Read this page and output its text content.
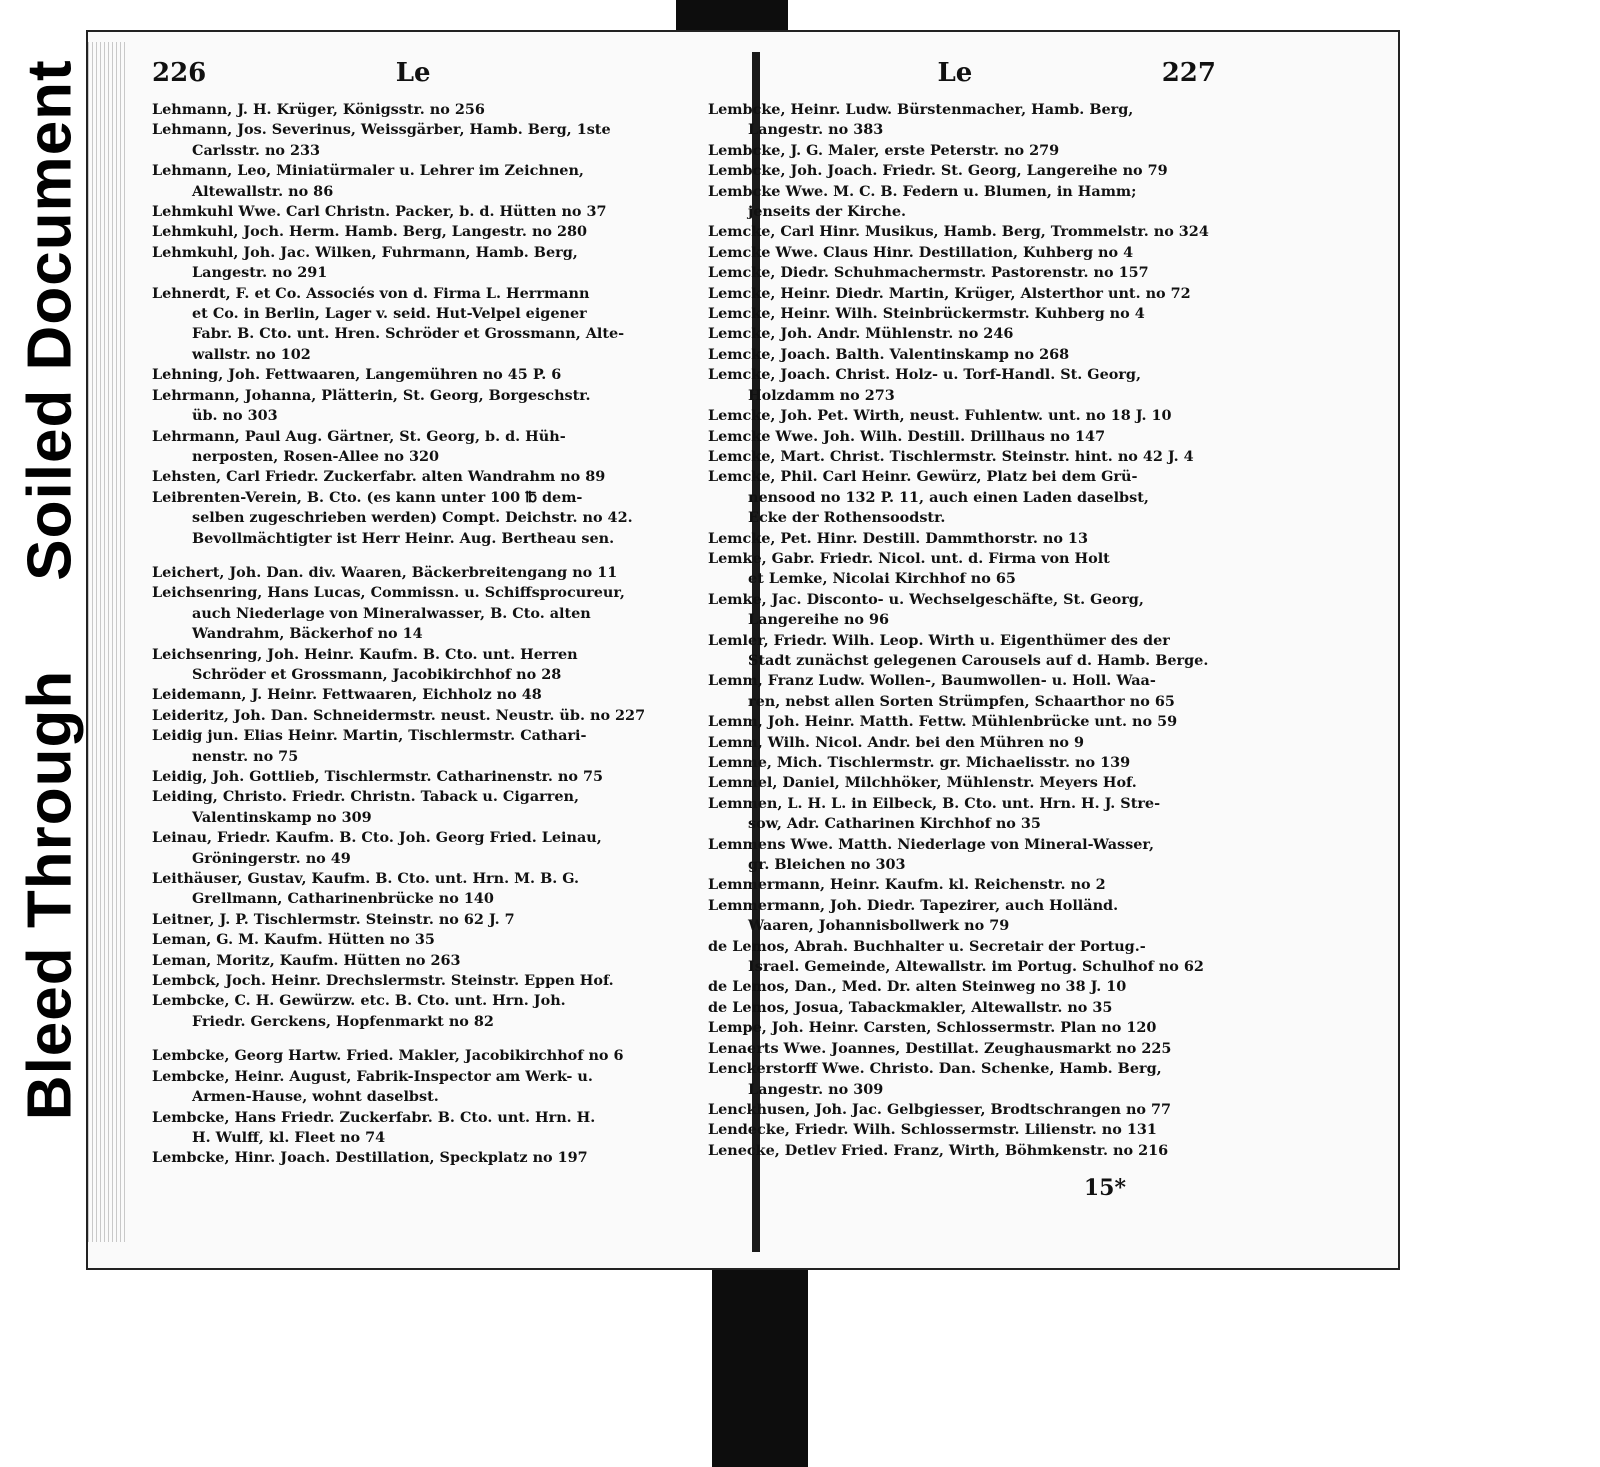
Soiled Document
Bleed Through
226	Le
Lehmann, J. H. Krüger, Königsstr. no 256
Lehmann, Jos. Severinus, Weissgärber, Hamb. Berg, 1ste
Carlsstr. no 233
Lehmann, Leo, Miniatürmaler u. Lehrer im Zeichnen,
Altewallstr. no 86
Lehmkuhl Wwe. Carl Christn. Packer, b. d. Hütten no 37
Lehmkuhl, Joch. Herm. Hamb. Berg, Langestr. no 280
Lehmkuhl, Joh. Jac. Wilken, Fuhrmann, Hamb. Berg,
Langestr. no 291
Lehnerdt, F. et Co. Associés von d. Firma L. Herrmann
et Co. in Berlin, Lager v. seid. Hut-Velpel eigener
Fabr. B. Cto. unt. Hren. Schröder et Grossmann, Alte-
wallstr. no 102
Lehning, Joh. Fettwaaren, Langemühren no 45 P. 6
Lehrmann, Johanna, Plätterin, St. Georg, Borgeschstr.
üb. no 303
Lehrmann, Paul Aug. Gärtner, St. Georg, b. d. Hüh-
nerposten, Rosen-Allee no 320
Lehsten, Carl Friedr. Zuckerfabr. alten Wandrahm no 89
Leibrenten-Verein, B. Cto. (es kann unter 100 ℔ dem-
selben zugeschrieben werden) Compt. Deichstr. no 42.
Bevollmächtigter ist Herr Heinr. Aug. Bertheau sen.
Leichert, Joh. Dan. div. Waaren, Bäckerbreitengang no 11
Leichsenring, Hans Lucas, Commissn. u. Schiffsprocureur,
auch Niederlage von Mineralwasser, B. Cto. alten
Wandrahm, Bäckerhof no 14
Leichsenring, Joh. Heinr. Kaufm. B. Cto. unt. Herren
Schröder et Grossmann, Jacobikirchhof no 28
Leidemann, J. Heinr. Fettwaaren, Eichholz no 48
Leideritz, Joh. Dan. Schneidermstr. neust. Neustr. üb. no 227
Leidig jun. Elias Heinr. Martin, Tischlermstr. Cathari-
nenstr. no 75
Leidig, Joh. Gottlieb, Tischlermstr. Catharinenstr. no 75
Leiding, Christo. Friedr. Christn. Taback u. Cigarren,
Valentinskamp no 309
Leinau, Friedr. Kaufm. B. Cto. Joh. Georg Fried. Leinau,
Gröningerstr. no 49
Leithäuser, Gustav, Kaufm. B. Cto. unt. Hrn. M. B. G.
Grellmann, Catharinenbrücke no 140
Leitner, J. P. Tischlermstr. Steinstr. no 62 J. 7
Leman, G. M. Kaufm. Hütten no 35
Leman, Moritz, Kaufm. Hütten no 263
Lembck, Joch. Heinr. Drechslermstr. Steinstr. Eppen Hof.
Lembcke, C. H. Gewürzw. etc. B. Cto. unt. Hrn. Joh.
Friedr. Gerckens, Hopfenmarkt no 82
Lembcke, Georg Hartw. Fried. Makler, Jacobikirchhof no 6
Lembcke, Heinr. August, Fabrik-Inspector am Werk- u.
Armen-Hause, wohnt daselbst.
Lembcke, Hans Friedr. Zuckerfabr. B. Cto. unt. Hrn. H.
H. Wulff, kl. Fleet no 74
Lembcke, Hinr. Joach. Destillation, Speckplatz no 197
Le	227
Lembcke, Heinr. Ludw. Bürstenmacher, Hamb. Berg,
Langestr. no 383
Lembcke, J. G. Maler, erste Peterstr. no 279
Lembcke, Joh. Joach. Friedr. St. Georg, Langereihe no 79
Lembcke Wwe. M. C. B. Federn u. Blumen, in Hamm;
jenseits der Kirche.
Lemcke, Carl Hinr. Musikus, Hamb. Berg, Trommelstr. no 324
Lemcke Wwe. Claus Hinr. Destillation, Kuhberg no 4
Lemcke, Diedr. Schuhmachermstr. Pastorenstr. no 157
Lemcke, Heinr. Diedr. Martin, Krüger, Alsterthor unt. no 72
Lemcke, Heinr. Wilh. Steinbrückermstr. Kuhberg no 4
Lemcke, Joh. Andr. Mühlenstr. no 246
Lemcke, Joach. Balth. Valentinskamp no 268
Lemcke, Joach. Christ. Holz- u. Torf-Handl. St. Georg,
Holzdamm no 273
Lemcke, Joh. Pet. Wirth, neust. Fuhlentw. unt. no 18 J. 10
Lemcke Wwe. Joh. Wilh. Destill. Drillhaus no 147
Lemcke, Mart. Christ. Tischlermstr. Steinstr. hint. no 42 J. 4
Lemcke, Phil. Carl Heinr. Gewürz, Platz bei dem Grü-
nensood no 132 P. 11, auch einen Laden daselbst,
Ecke der Rothensoodstr.
Lemcke, Pet. Hinr. Destill. Dammthorstr. no 13
Lemke, Gabr. Friedr. Nicol. unt. d. Firma von Holt
et Lemke, Nicolai Kirchhof no 65
Lemke, Jac. Disconto- u. Wechselgeschäfte, St. Georg,
Langereihe no 96
Lemler, Friedr. Wilh. Leop. Wirth u. Eigenthümer des der
Stadt zunächst gelegenen Carousels auf d. Hamb. Berge.
Lemm, Franz Ludw. Wollen-, Baumwollen- u. Holl. Waa-
ren, nebst allen Sorten Strümpfen, Schaarthor no 65
Lemm, Joh. Heinr. Matth. Fettw. Mühlenbrücke unt. no 59
Lemm, Wilh. Nicol. Andr. bei den Mühren no 9
Lemme, Mich. Tischlermstr. gr. Michaelisstr. no 139
Lemmel, Daniel, Milchhöker, Mühlenstr. Meyers Hof.
Lemmen, L. H. L. in Eilbeck, B. Cto. unt. Hrn. H. J. Stre-
sow, Adr. Catharinen Kirchhof no 35
Lemmens Wwe. Matth. Niederlage von Mineral-Wasser,
gr. Bleichen no 303
Lemmermann, Heinr. Kaufm. kl. Reichenstr. no 2
Lemmermann, Joh. Diedr. Tapezirer, auch Holländ.
Waaren, Johannisbollwerk no 79
de Lemos, Abrah. Buchhalter u. Secretair der Portug.-
Israel. Gemeinde, Altewallstr. im Portug. Schulhof no 62
de Lemos, Dan., Med. Dr. alten Steinweg no 38 J. 10
de Lemos, Josua, Tabackmakler, Altewallstr. no 35
Lempe, Joh. Heinr. Carsten, Schlossermstr. Plan no 120
Lenaerts Wwe. Joannes, Destillat. Zeughausmarkt no 225
Lenckerstorff Wwe. Christo. Dan. Schenke, Hamb. Berg,
Langestr. no 309
Lenckhusen, Joh. Jac. Gelbgiesser, Brodtschrangen no 77
Lendecke, Friedr. Wilh. Schlossermstr. Lilienstr. no 131
Lenecke, Detlev Fried. Franz, Wirth, Böhmkenstr. no 216
15*
